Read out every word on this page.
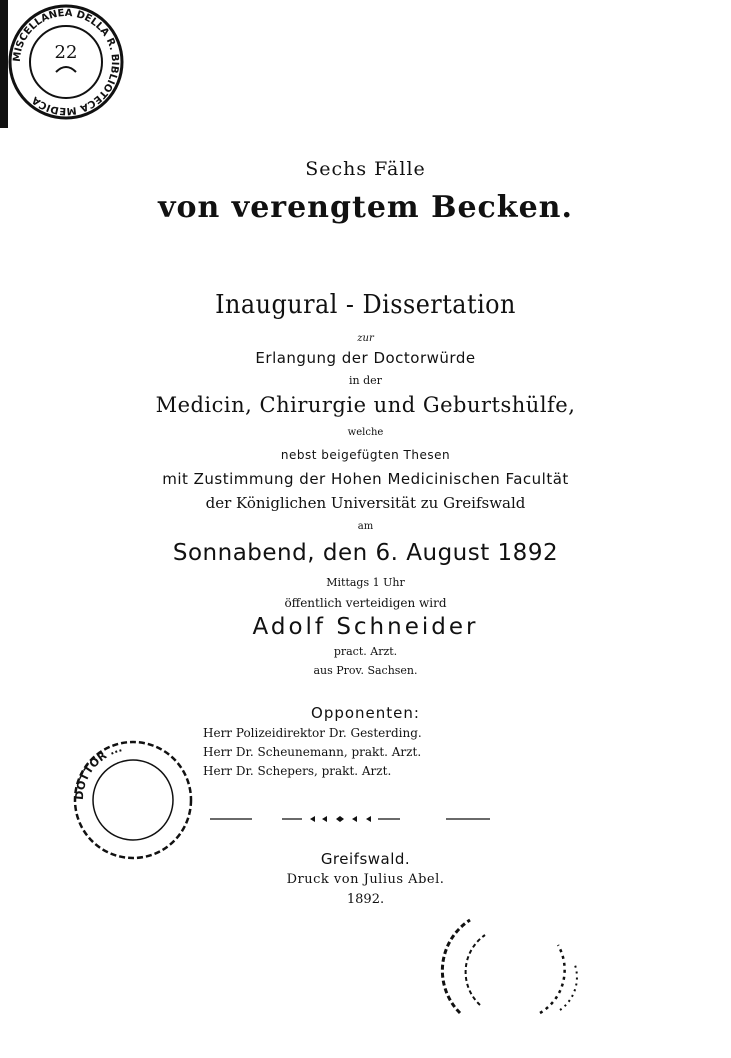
MISCELLANEA DELLA R. BIBLIOTECA MEDICA
22
Sechs Fälle
von verengtem Becken.
Inaugural - Dissertation
zur
Erlangung der Doctorwürde
in der
Medicin, Chirurgie und Geburtshülfe,
welche
nebst beigefügten Thesen
mit Zustimmung der Hohen Medicinischen Facultät
der Königlichen Universität zu Greifswald
am
Sonnabend, den 6. August 1892
Mittags 1 Uhr
öffentlich verteidigen wird
Adolf Schneider
pract. Arzt.
aus Prov. Sachsen.
Opponenten:
Herr Polizeidirektor Dr. Gesterding.
Herr Dr. Scheunemann, prakt. Arzt.
Herr Dr. Schepers, prakt. Arzt.
Greifswald.
Druck von Julius Abel.
1892.
DOTTOR ...
